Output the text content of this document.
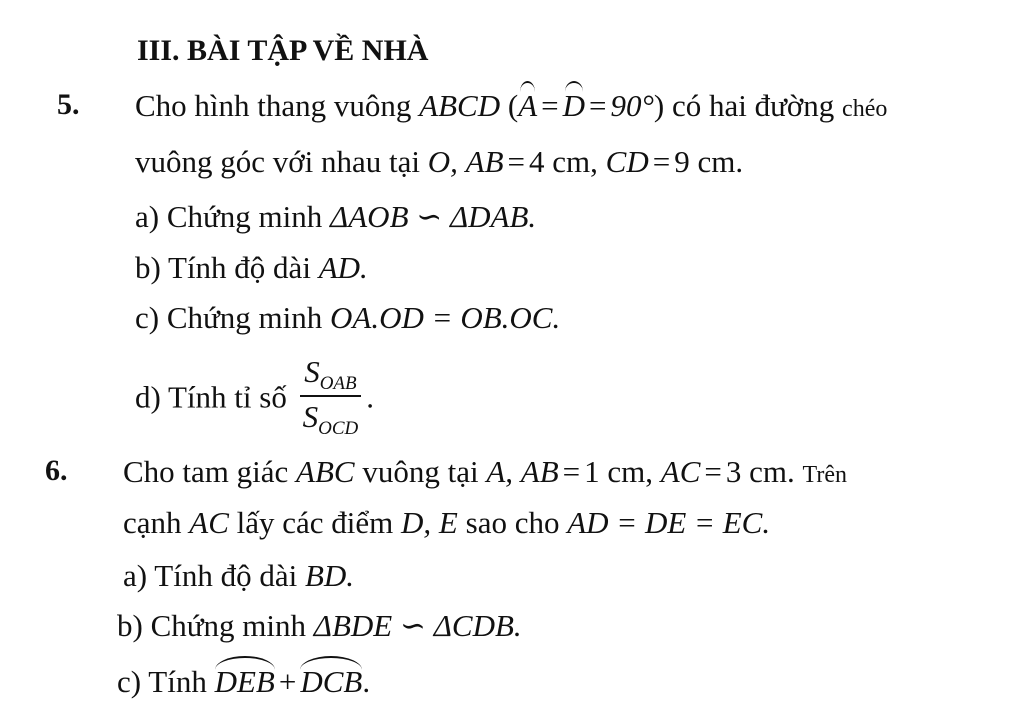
III. BÀI TẬP VỀ NHÀ
5. Cho hình thang vuông ABCD (A = D = 90°) có hai đường chéo
vuông góc với nhau tại O, AB = 4 cm, CD = 9 cm.
a) Chứng minh ΔAOB ∽ ΔDAB.
b) Tính độ dài AD.
c) Chứng minh OA.OD = OB.OC.
d) Tính tỉ số $\frac{S_{OAB}}{S_{OCD}}$ .
6. Cho tam giác ABC vuông tại A, AB = 1 cm, AC = 3 cm. Trên
cạnh AC lấy các điểm D, E sao cho AD = DE = EC.
a) Tính độ dài BD.
b) Chứng minh ΔBDE ∽ ΔCDB.
c) Tính DEB + DCB.
